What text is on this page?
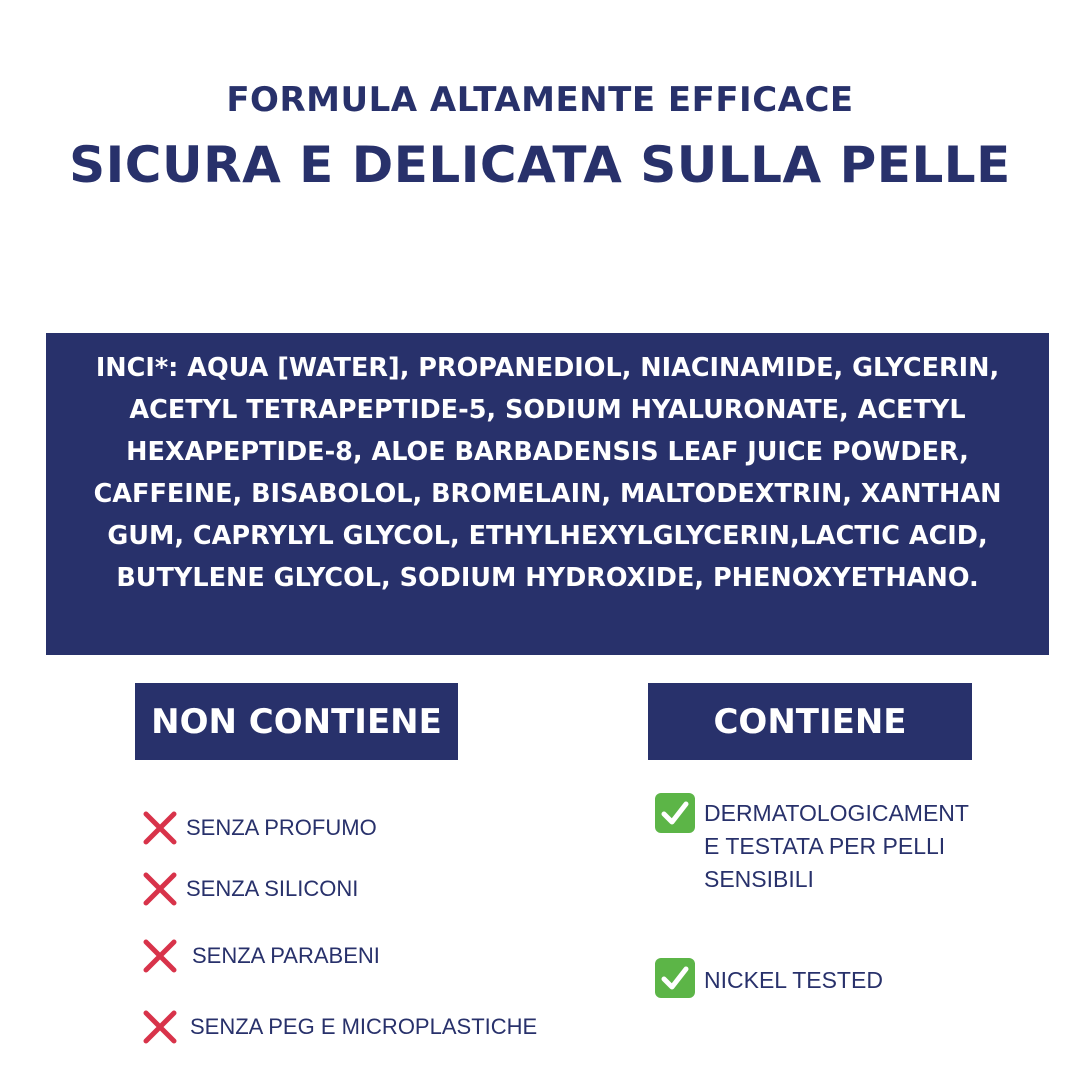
FORMULA ALTAMENTE EFFICACE
SICURA E DELICATA SULLA PELLE

INCI*: AQUA [WATER], PROPANEDIOL, NIACINAMIDE, GLYCERIN,

ACETYL TETRAPEPTIDE-5, SODIUM HYALURONATE, ACETYL

HEXAPEPTIDE-8, ALOE BARBADENSIS LEAF JUICE POWDER,

CAFFEINE, BISABOLOL, BROMELAIN, MALTODEXTRIN, XANTHAN

GUM, CAPRYLYL GLYCOL, ETHYLHEXYLGLYCERIN,LACTIC ACID,

BUTYLENE GLYCOL, SODIUM HYDROXIDE, PHENOXYETHANO.

NON CONTIENE	CONTIENE
SENZA PROFUMO
SENZA SILICONI
SENZA PARABENI
SENZA PEG E MICROPLASTICHE
DERMATOLOGICAMENT
E TESTATA PER PELLI
SENSIBILI
NICKEL TESTED
